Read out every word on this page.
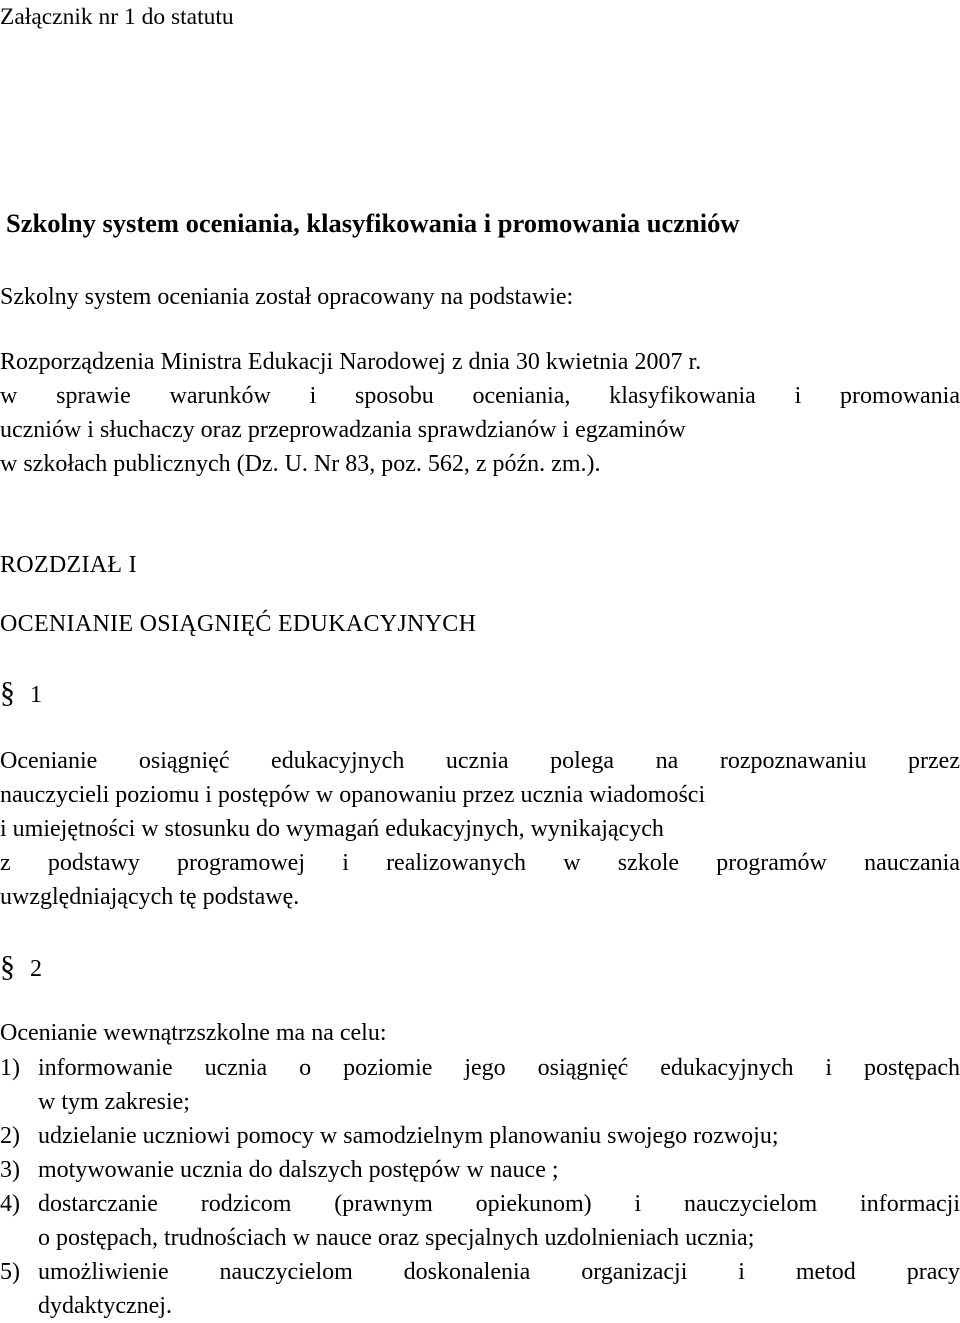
Załącznik nr 1 do statutu
Szkolny system oceniania, klasyfikowania i promowania uczniów
Szkolny system oceniania został opracowany na podstawie:

Rozporządzenia Ministra Edukacji Narodowej z dnia 30 kwietnia 2007 r.

w sprawie warunków i sposobu oceniania, klasyfikowania i promowania

uczniów i słuchaczy oraz przeprowadzania sprawdzianów i egzaminów

w szkołach publicznych (Dz. U. Nr 83, poz. 562, z późn. zm.).

ROZDZIAŁ I
OCENIANIE OSIĄGNIĘĆ EDUKACYJNYCH
§ 1

Ocenianie osiągnięć edukacyjnych ucznia polega na rozpoznawaniu przez

nauczycieli poziomu i postępów w opanowaniu przez ucznia wiadomości

i umiejętności w stosunku do wymagań edukacyjnych, wynikających

z podstawy programowej i realizowanych w szkole programów nauczania

uwzględniających tę podstawę.

§ 2
Ocenianie wewnątrzszkolne ma na celu:
1) informowanie ucznia o poziomie jego osiągnięć edukacyjnych i postępach
w tym zakresie;
2) udzielanie uczniowi pomocy w samodzielnym planowaniu swojego rozwoju;
3) motywowanie ucznia do dalszych postępów w nauce ;
4) dostarczanie rodzicom (prawnym opiekunom) i nauczycielom informacji
o postępach, trudnościach w nauce oraz specjalnych uzdolnieniach ucznia;
5) umożliwienie nauczycielom doskonalenia organizacji i metod pracy
dydaktycznej.
